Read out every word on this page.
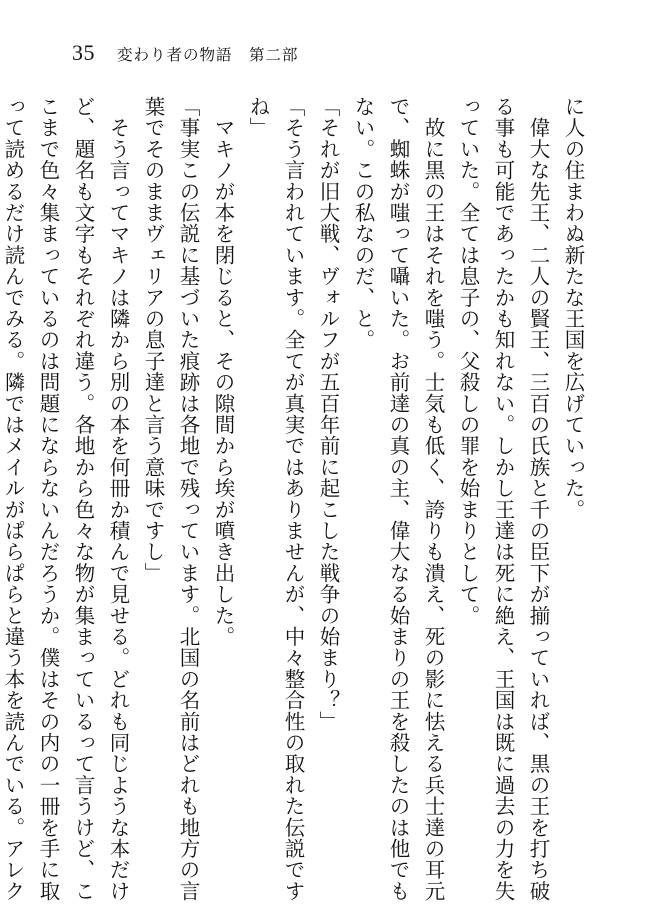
35 変わり者の物語　第二部
に人の住まわぬ新たな王国を広げていった。
　偉大な先王、二人の賢王、三百の氏族と千の臣下が揃っていれば、黒の王を打ち破
る事も可能であったかも知れない。しかし王達は死に絶え、王国は既に過去の力を失
っていた。全ては息子の、父殺しの罪を始まりとして。
　故に黒の王はそれを嗤う。士気も低く、誇りも潰え、死の影に怯える兵士達の耳元
で、蜘蛛が嗤って囁いた。お前達の真の主、偉大なる始まりの王を殺したのは他でも
ない。この私なのだ、と。
「それが旧大戦、ヴォルフが五百年前に起こした戦争の始まり？」
「そう言われています。全てが真実ではありませんが、中々整合性の取れた伝説です
ね」
　マキノが本を閉じると、その隙間から埃が噴き出した。
「事実この伝説に基づいた痕跡は各地で残っています。北国の名前はどれも地方の言
葉でそのままヴェリアの息子達と言う意味ですし」
　そう言ってマキノは隣から別の本を何冊か積んで見せる。どれも同じような本だけ
ど、題名も文字もそれぞれ違う。各地から色々な物が集まっているって言うけど、こ
こまで色々集まっているのは問題にならないんだろうか。僕はその内の一冊を手に取
って読めるだけ読んでみる。隣ではメイルがぱらぱらと違う本を読んでいる。アレク
